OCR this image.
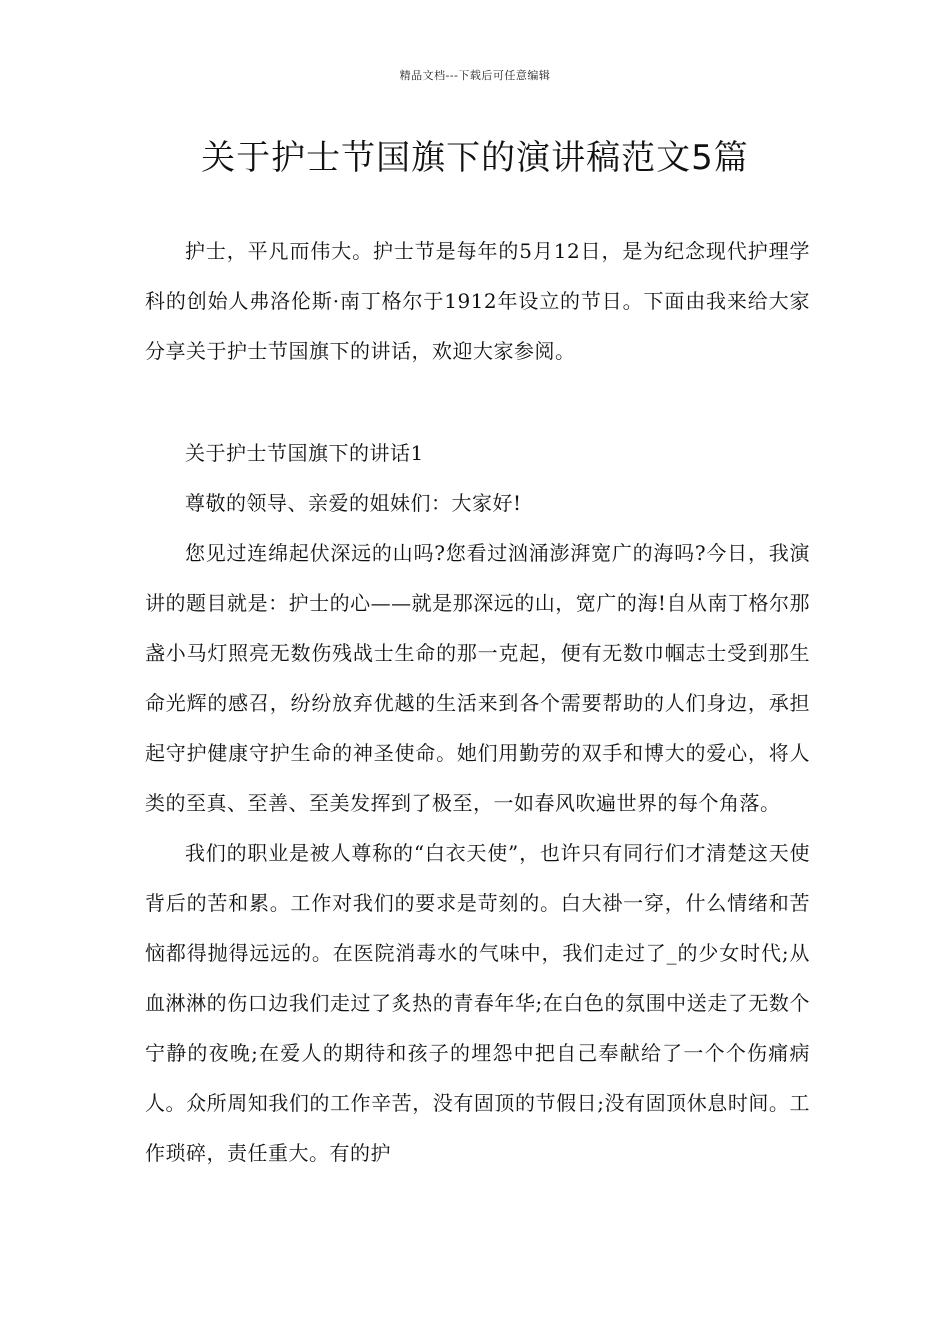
精品文档---下载后可任意编辑
关于护士节国旗下的演讲稿范文5篇

护士，平凡而伟大。护士节是每年的5月12日，是为纪念现代护理学科的创始人弗洛伦斯·南丁格尔于1912年设立的节日。下面由我来给大家分享关于护士节国旗下的讲话，欢迎大家参阅。

关于护士节国旗下的讲话1

尊敬的领导、亲爱的姐妹们：大家好!

您见过连绵起伏深远的山吗?您看过汹涌澎湃宽广的海吗?今日，我演讲的题目就是：护士的心——就是那深远的山，宽广的海!自从南丁格尔那盏小马灯照亮无数伤残战士生命的那一克起，便有无数巾帼志士受到那生命光辉的感召，纷纷放弃优越的生活来到各个需要帮助的人们身边，承担起守护健康守护生命的神圣使命。她们用勤劳的双手和博大的爱心，将人类的至真、至善、至美发挥到了极至，一如春风吹遍世界的每个角落。

我们的职业是被人尊称的“白衣天使”，也许只有同行们才清楚这天使背后的苦和累。工作对我们的要求是苛刻的。白大褂一穿，什么情绪和苦恼都得抛得远远的。在医院消毒水的气味中，我们走过了_的少女时代;从血淋淋的伤口边我们走过了炙热的青春年华;在白色的氛围中送走了无数个宁静的夜晚;在爱人的期待和孩子的埋怨中把自己奉献给了一个个伤痛病人。众所周知我们的工作辛苦，没有固顶的节假日;没有固顶休息时间。工作琐碎，责任重大。有的护
